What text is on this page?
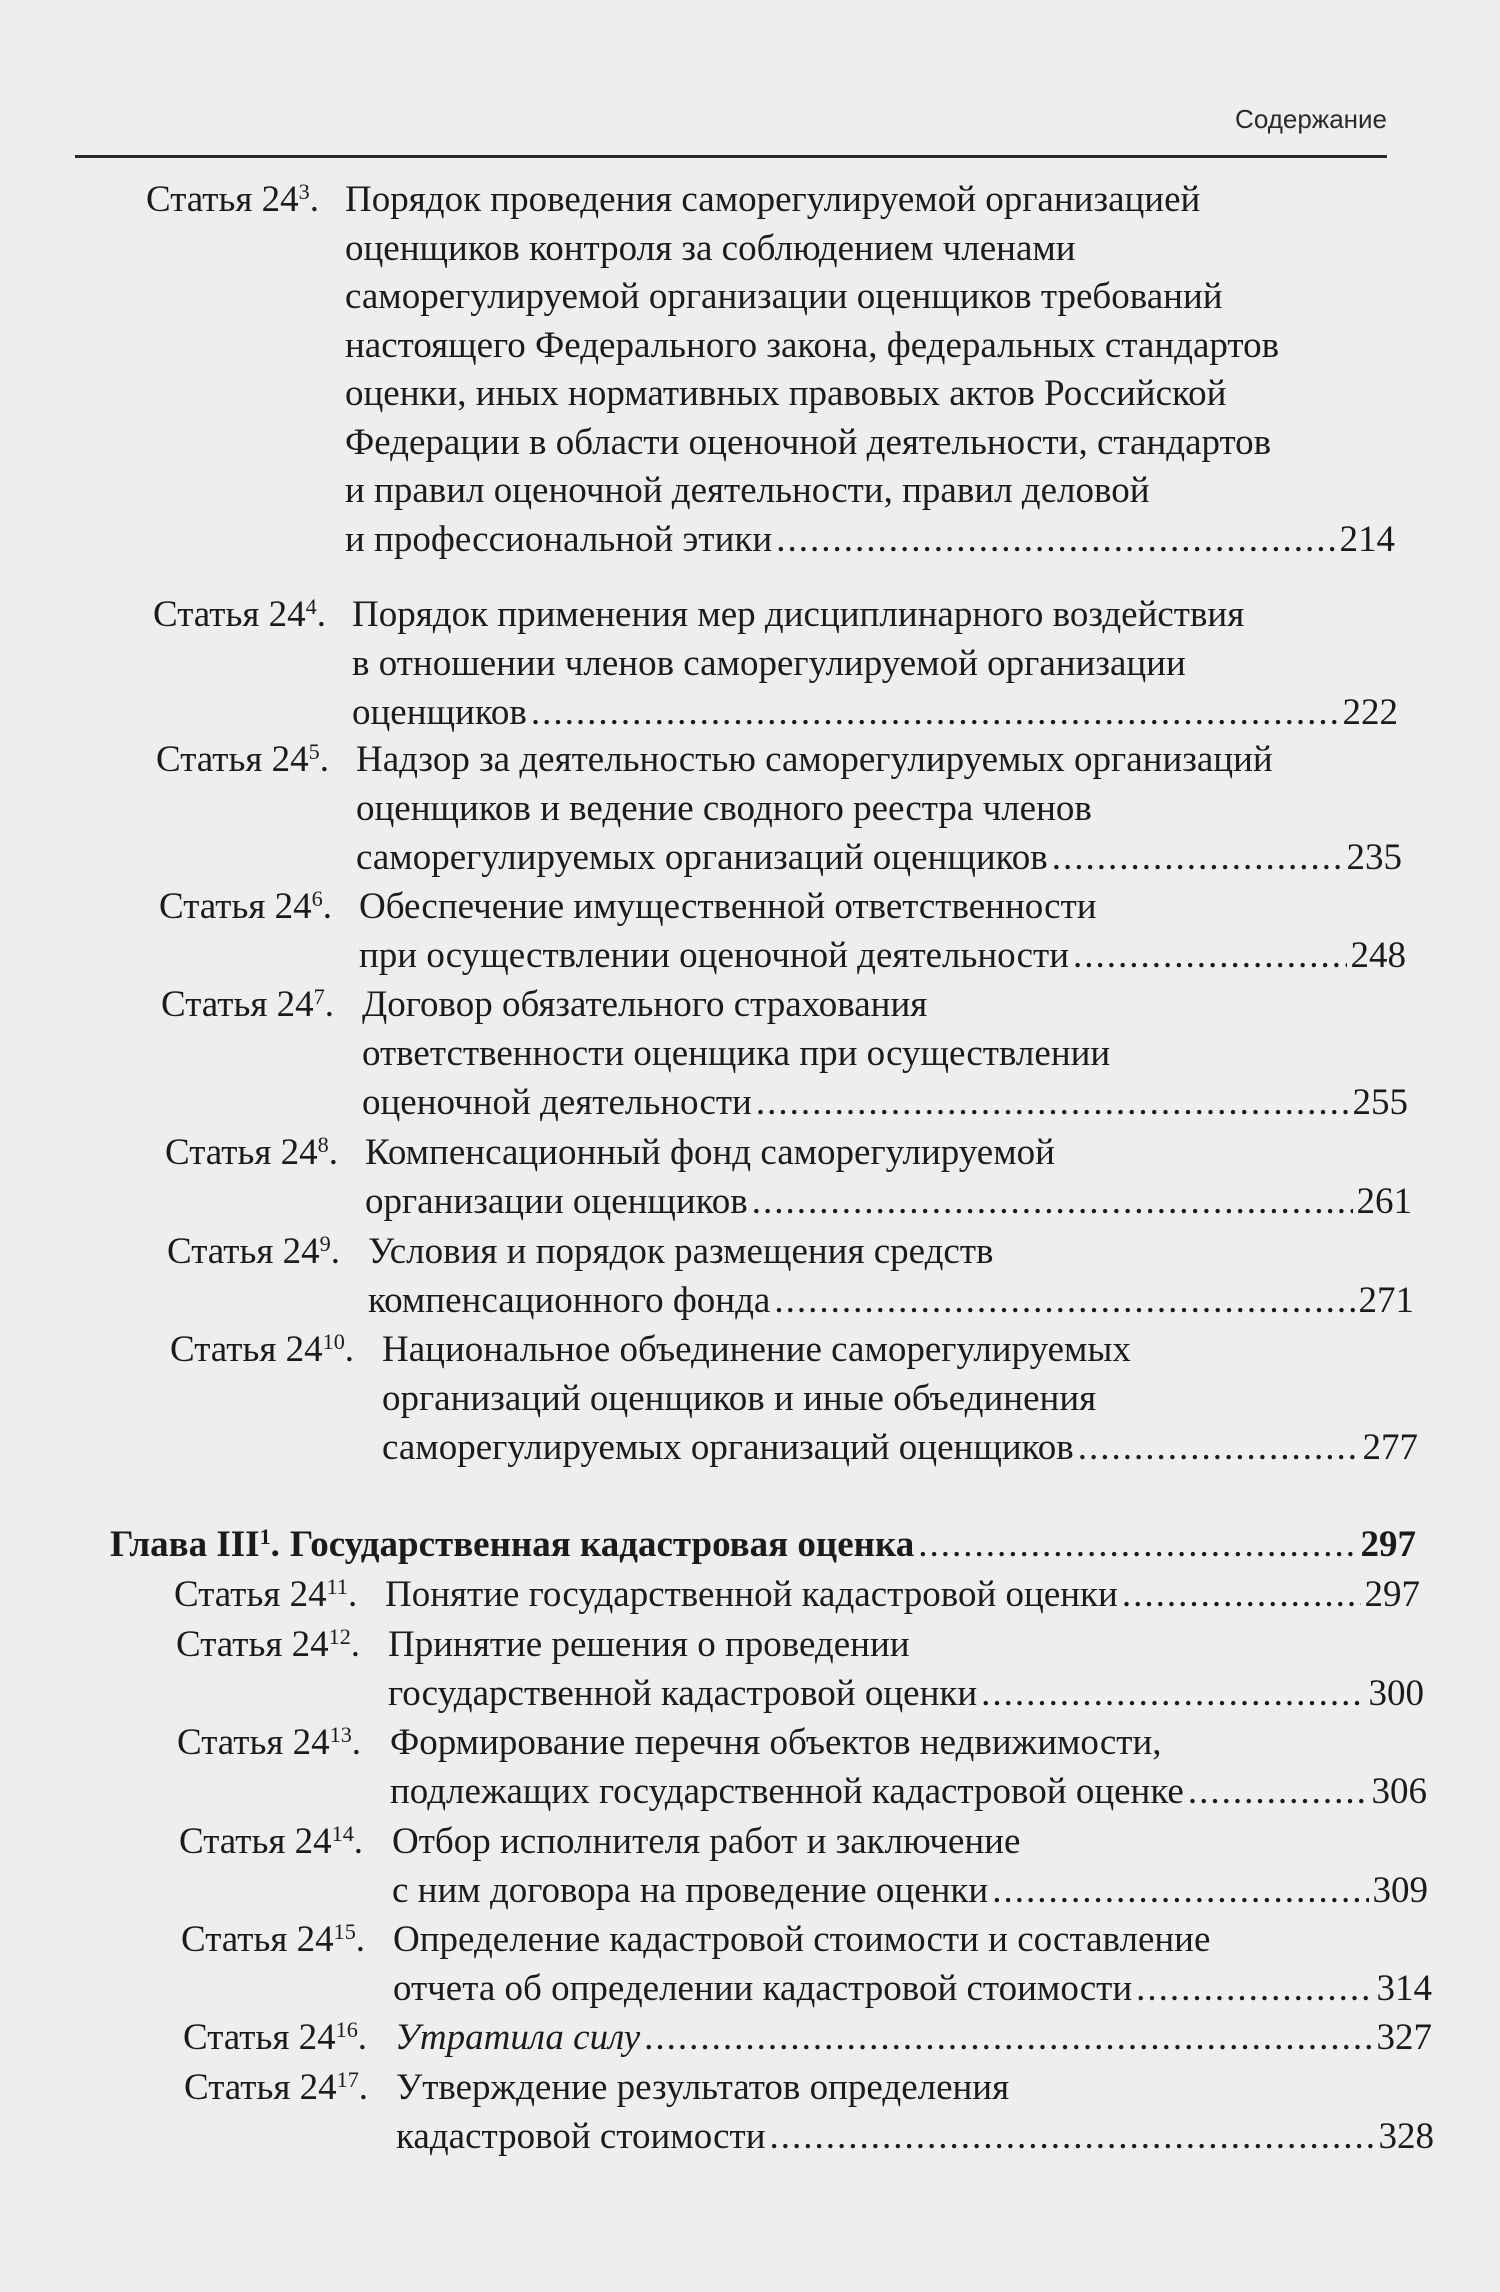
Содержание
Статья $24^3$. Порядок проведения саморегулируемой организацией
оценщиков контроля за соблюдением членами
саморегулируемой организации оценщиков требований
настоящего Федерального закона, федеральных стандартов
оценки, иных нормативных правовых актов Российской
Федерации в области оценочной деятельности, стандартов
и правил оценочной деятельности, правил деловой
и профессиональной этики .....	214
Статья $24^4$. Порядок применения мер дисциплинарного воздействия
в отношении членов саморегулируемой организации
оценщиков .....	222
Статья $24^5$. Надзор за деятельностью саморегулируемых организаций
оценщиков и ведение сводного реестра членов
саморегулируемых организаций оценщиков .....	235
Статья $24^6$. Обеспечение имущественной ответственности
при осуществлении оценочной деятельности .....	248
Статья $24^7$. Договор обязательного страхования
ответственности оценщика при осуществлении
оценочной деятельности .....	255
Статья $24^8$. Компенсационный фонд саморегулируемой
организации оценщиков .....	261
Статья $24^9$. Условия и порядок размещения средств
компенсационного фонда .....	271
Статья $24^{10}$. Национальное объединение саморегулируемых
организаций оценщиков и иные объединения
саморегулируемых организаций оценщиков .....	277
Глава III$^1$. Государственная кадастровая оценка .....	297
Статья $24^{11}$. Понятие государственной кадастровой оценки .....	297
Статья $24^{12}$. Принятие решения о проведении
государственной кадастровой оценки .....	300
Статья $24^{13}$. Формирование перечня объектов недвижимости,
подлежащих государственной кадастровой оценке .....	306
Статья $24^{14}$. Отбор исполнителя работ и заключение
с ним договора на проведение оценки .....	309
Статья $24^{15}$. Определение кадастровой стоимости и составление
отчета об определении кадастровой стоимости .....	314
Статья $24^{16}$. Утратила силу .....	327
Статья $24^{17}$. Утверждение результатов определения
кадастровой стоимости .....	328
